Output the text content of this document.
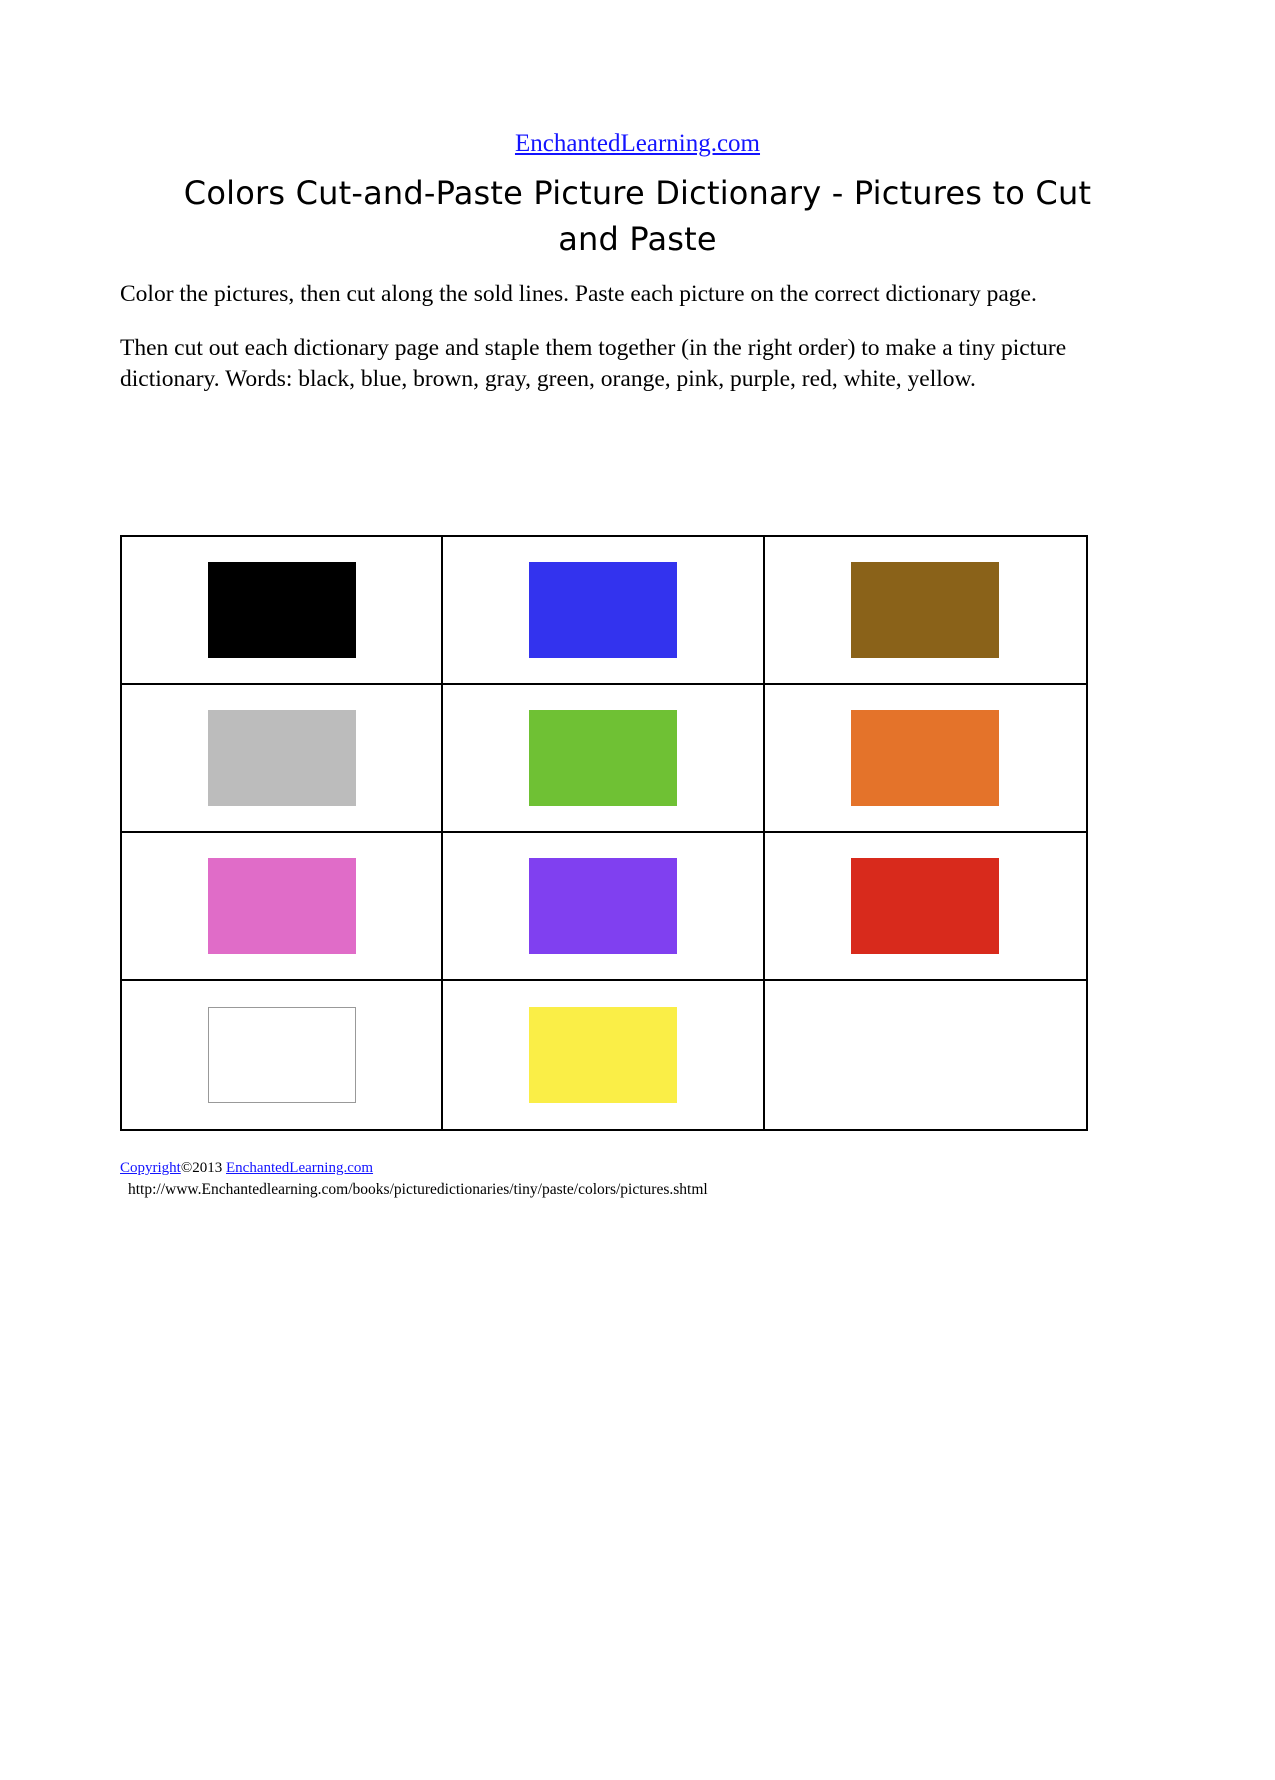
EnchantedLearning.com
Colors Cut-and-Paste Picture Dictionary - Pictures to Cut and Paste

Color the pictures, then cut along the sold lines. Paste each picture on the correct dictionary page.

Then cut out each dictionary page and staple them together (in the right order) to make a tiny picture dictionary. Words: black, blue, brown, gray, green, orange, pink, purple, red, white, yellow.

Copyright©2013 EnchantedLearning.com
http://www.Enchantedlearning.com/books/picturedictionaries/tiny/paste/colors/pictures.shtml
